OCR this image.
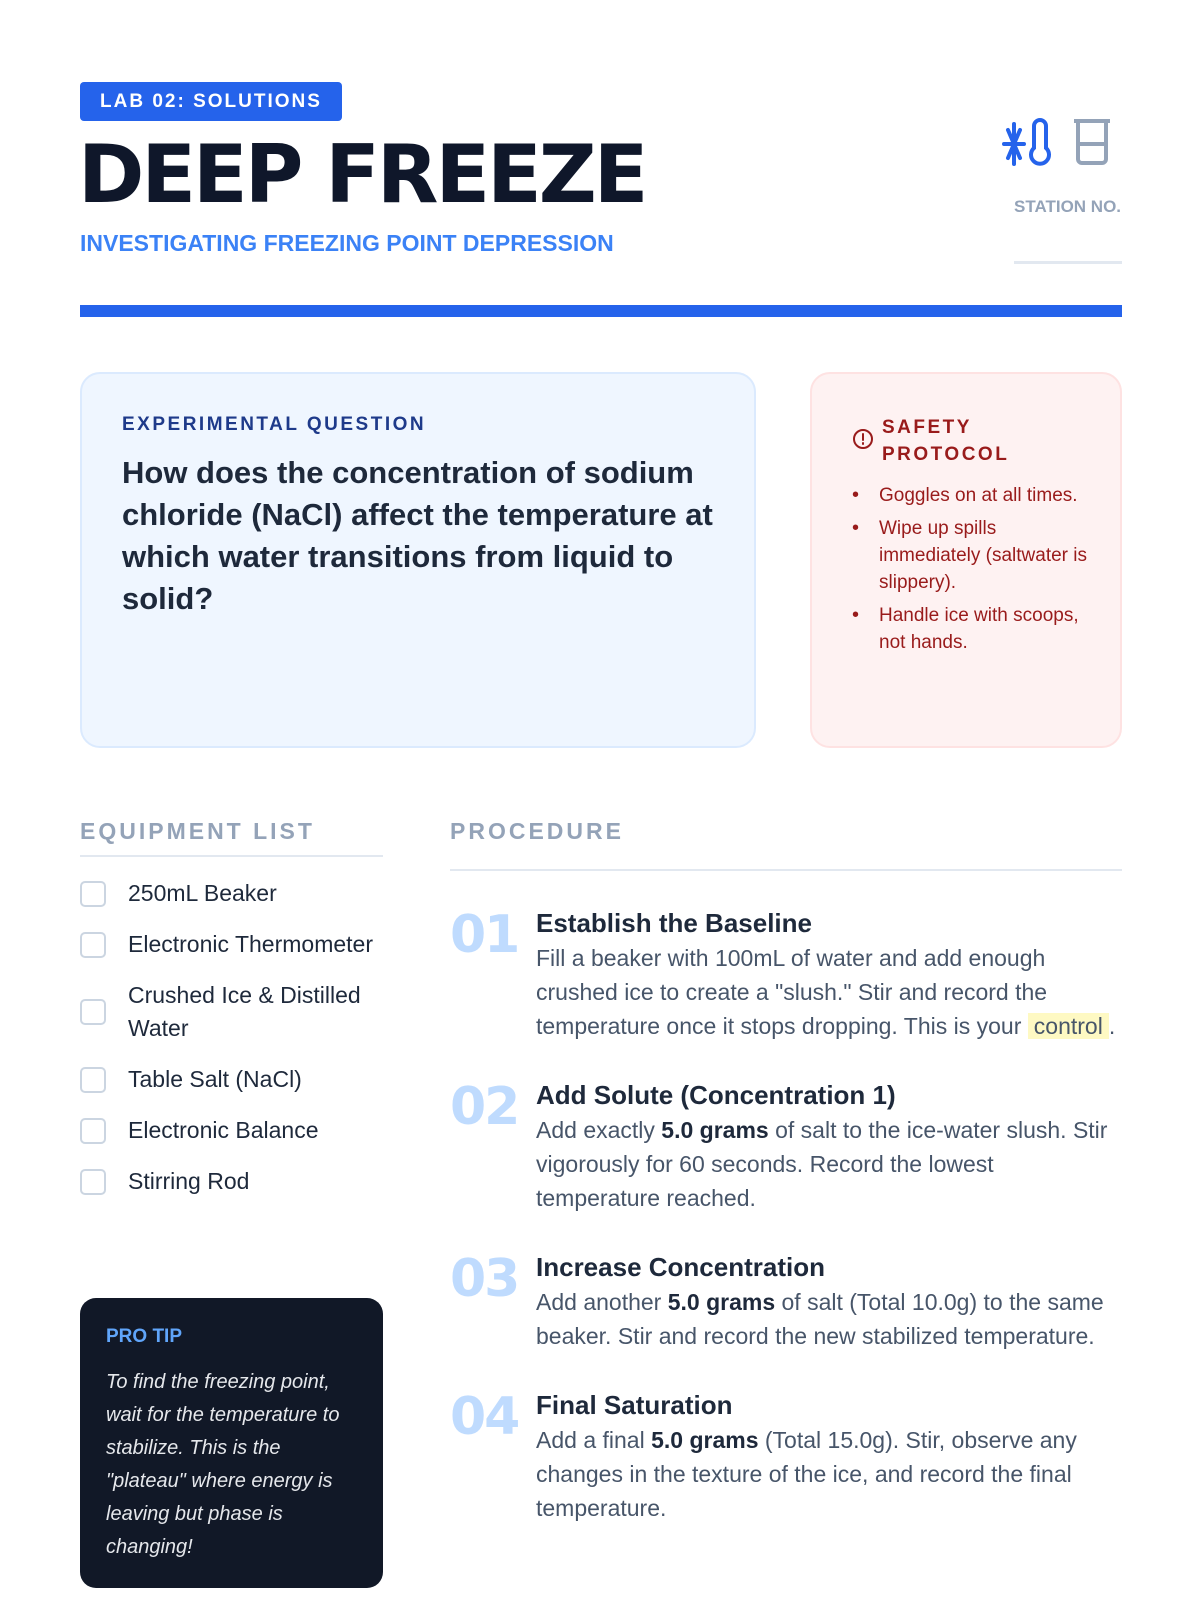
LAB 02: SOLUTIONS
DEEP FREEZE
INVESTIGATING FREEZING POINT DEPRESSION
STATION NO.
EXPERIMENTAL QUESTION
How does the concentration of sodium chloride (NaCl) affect the temperature at which water transitions from liquid to solid?
SAFETY PROTOCOL
• Goggles on at all times.
• Wipe up spills immediately (saltwater is slippery).
• Handle ice with scoops, not hands.
EQUIPMENT LIST
250mL Beaker
Electronic Thermometer
Crushed Ice & Distilled Water
Table Salt (NaCl)
Electronic Balance
Stirring Rod
PRO TIP
To find the freezing point, wait for the temperature to stabilize. This is the "plateau" where energy is leaving but phase is changing!
PROCEDURE
01 Establish the Baseline
Fill a beaker with 100mL of water and add enough crushed ice to create a "slush." Stir and record the temperature once it stops dropping. This is your control .
02 Add Solute (Concentration 1)
Add exactly 5.0 grams of salt to the ice-water slush. Stir vigorously for 60 seconds. Record the lowest temperature reached.
03 Increase Concentration
Add another 5.0 grams of salt (Total 10.0g) to the same beaker. Stir and record the new stabilized temperature.
04 Final Saturation
Add a final 5.0 grams (Total 15.0g). Stir, observe any changes in the texture of the ice, and record the final temperature.
